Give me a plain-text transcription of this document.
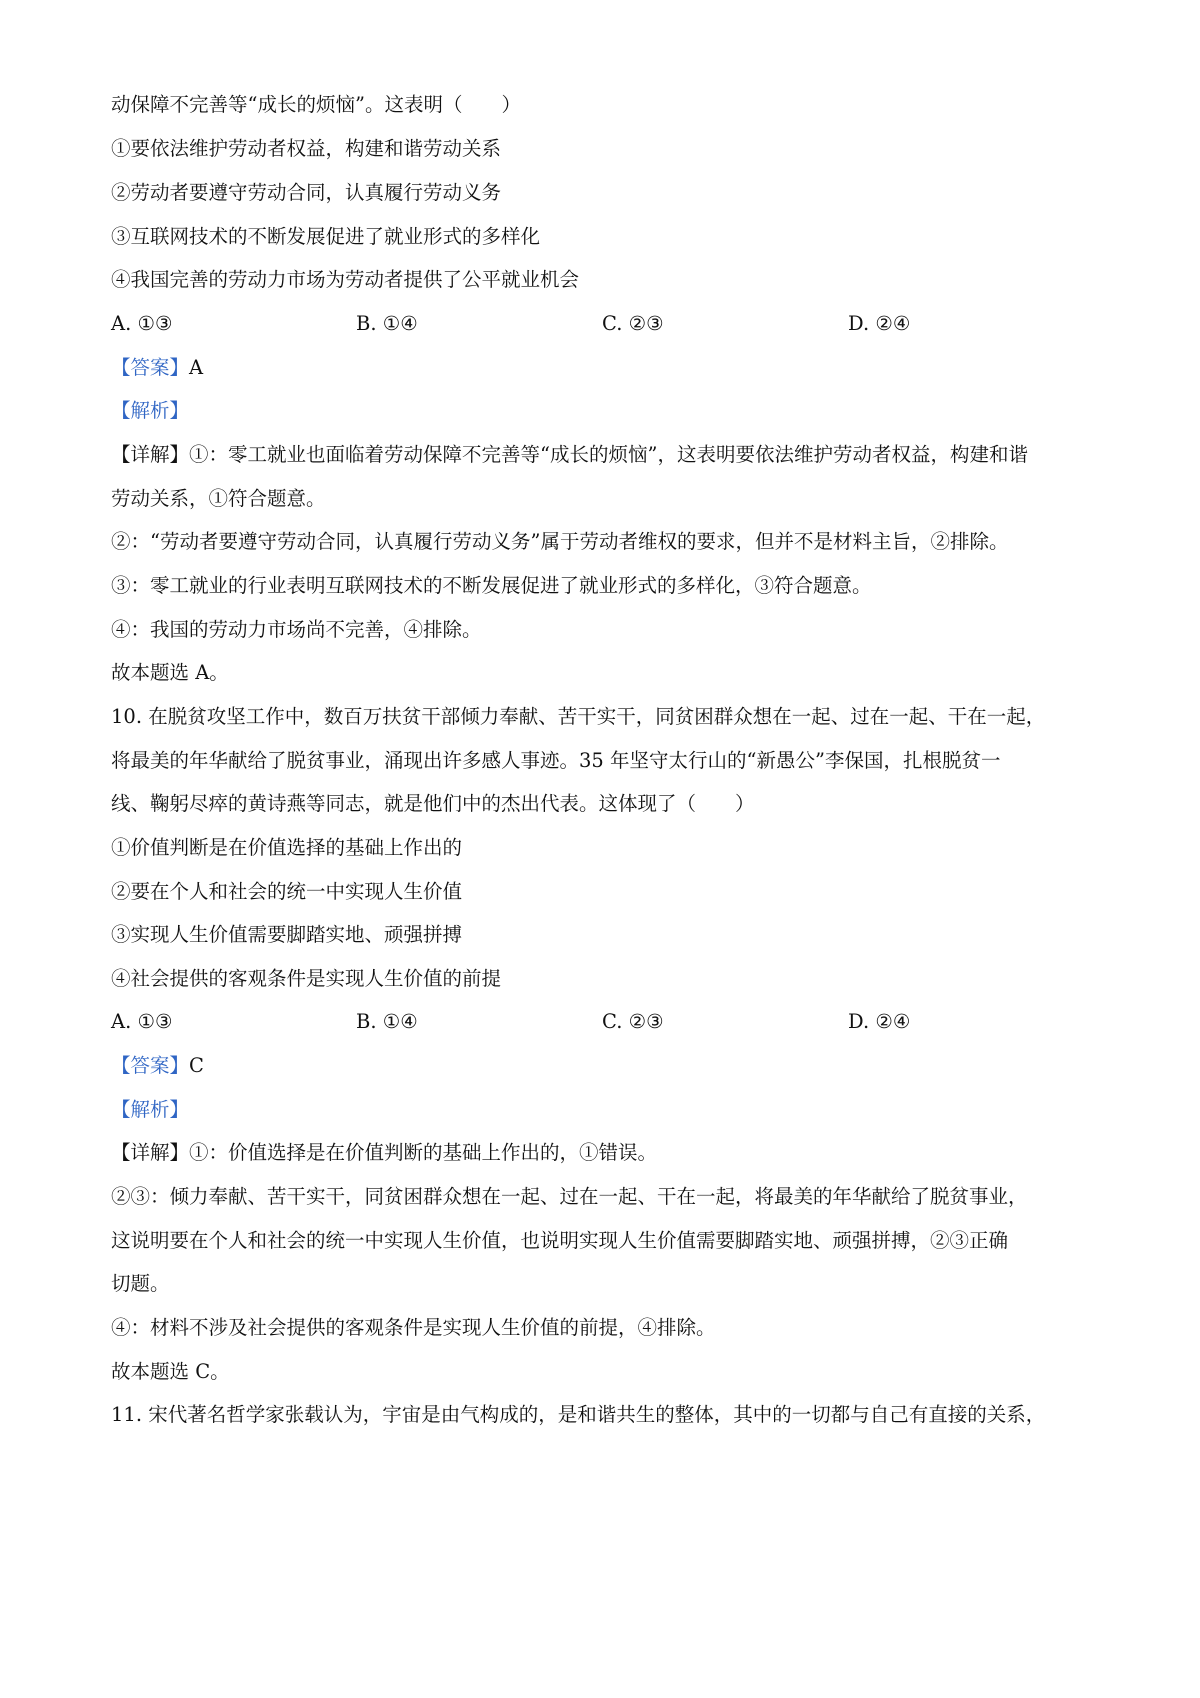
动保障不完善等“成长的烦恼”。这表明（　　）

①要依法维护劳动者权益，构建和谐劳动关系

②劳动者要遵守劳动合同，认真履行劳动义务

③互联网技术的不断发展促进了就业形式的多样化

④我国完善的劳动力市场为劳动者提供了公平就业机会

A. ①③	B. ①④	C. ②③	D. ②④

【答案】A

【解析】

【详解】①：零工就业也面临着劳动保障不完善等“成长的烦恼”，这表明要依法维护劳动者权益，构建和谐

劳动关系，①符合题意。

②：“劳动者要遵守劳动合同，认真履行劳动义务”属于劳动者维权的要求，但并不是材料主旨，②排除。

③：零工就业的行业表明互联网技术的不断发展促进了就业形式的多样化，③符合题意。

④：我国的劳动力市场尚不完善，④排除。

故本题选 A。

10. 在脱贫攻坚工作中，数百万扶贫干部倾力奉献、苦干实干，同贫困群众想在一起、过在一起、干在一起，

将最美的年华献给了脱贫事业，涌现出许多感人事迹。35 年坚守太行山的“新愚公”李保国，扎根脱贫一

线、鞠躬尽瘁的黄诗燕等同志，就是他们中的杰出代表。这体现了（　　）

①价值判断是在价值选择的基础上作出的

②要在个人和社会的统一中实现人生价值

③实现人生价值需要脚踏实地、顽强拼搏

④社会提供的客观条件是实现人生价值的前提

A. ①③	B. ①④	C. ②③	D. ②④

【答案】C

【解析】

【详解】①：价值选择是在价值判断的基础上作出的，①错误。

②③：倾力奉献、苦干实干，同贫困群众想在一起、过在一起、干在一起，将最美的年华献给了脱贫事业，

这说明要在个人和社会的统一中实现人生价值，也说明实现人生价值需要脚踏实地、顽强拼搏，②③正确

切题。

④：材料不涉及社会提供的客观条件是实现人生价值的前提，④排除。

故本题选 C。

11. 宋代著名哲学家张载认为，宇宙是由气构成的，是和谐共生的整体，其中的一切都与自己有直接的关系，
